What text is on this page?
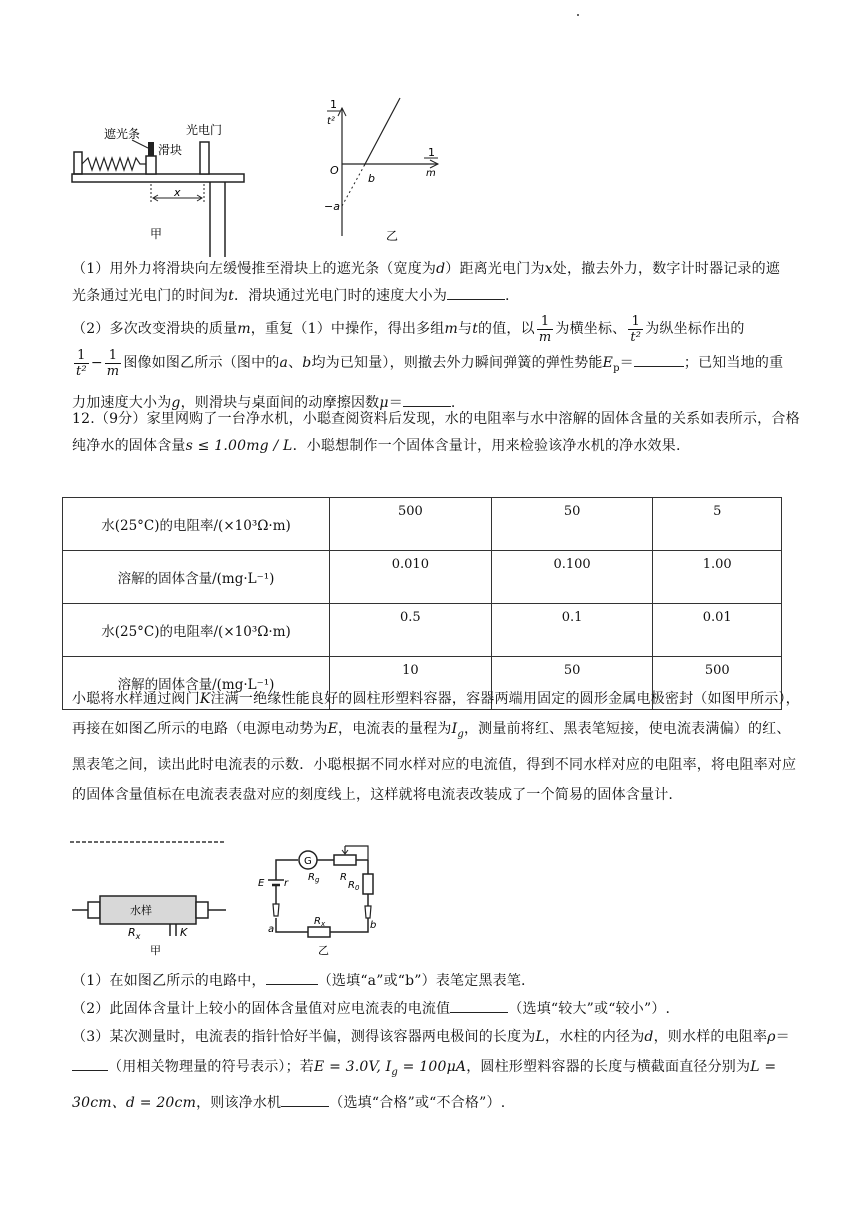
x
遮光条
滑块
光电门
甲
1
t²
1
m
O
b
−a
乙
（1）用外力将滑块向左缓慢推至滑块上的遮光条（宽度为d）距离光电门为x处，撤去外力，数字计时器记录的遮光条通过光电门的时间为t．滑块通过光电门时的速度大小为	.
（2）多次改变滑块的质量m，重复（1）中操作，得出多组m与t的值，以 $\frac{1}{m}$ 为横坐标、 $\frac{1}{\text{t²}}$ 为纵坐标作出的

$\frac{1}{\text{t²}} - \frac{1}{m}$ 图像如图乙所示（图中的a、b均为已知量），则撤去外力瞬间弹簧的弹性势能$E_p=$	；已知当地的重力加速度大小为g，则滑块与桌面间的动摩擦因数μ＝	.
12.（9分）家里网购了一台净水机，小聪查阅资料后发现，水的电阻率与水中溶解的固体含量的关系如表所示，合格纯净水的固体含量s ≤ 1.00mg / L．小聪想制作一个固体含量计，用来检验该净水机的净水效果.
水(25°C)的电阻率/(×10³Ω·m)	500	50	5
溶解的固体含量/(mg·L⁻¹)	0.010	0.100	1.00
水(25°C)的电阻率/(×10³Ω·m)	0.5	0.1	0.01
溶解的固体含量/(mg·L⁻¹)	10	50	500
小聪将水样通过阀门K注满一绝缘性能良好的圆柱形塑料容器，容器两端用固定的圆形金属电极密封（如图甲所示），再接在如图乙所示的电路（电源电动势为E，电流表的量程为$I_g$，测量前将红、黑表笔短接，使电流表满偏）的红、黑表笔之间，读出此时电流表的示数．小聪根据不同水样对应的电流值，得到不同水样对应的电阻率，将电阻率对应的固体含量值标在电流表表盘对应的刻度线上，这样就将电流表改装成了一个简易的固体含量计.
水样
K
$R_x$
甲
G
$R_g$ R
$R_0$
E r
a	b
$R_x$
乙
（1）在如图乙所示的电路中，	（选填“a”或“b”）表笔定黑表笔.
（2）此固体含量计上较小的固体含量值对应电流表的电流值	（选填“较大”或“较小”）.
（3）某次测量时，电流表的指针恰好半偏，测得该容器两电极间的长度为L，水柱的内径为d，则水样的电阻率ρ＝（用相关物理量的符号表示）；若E = 3.0V, $I_g = 100\mu A$，圆柱形塑料容器的长度与横截面直径分别为L = 30cm、d = 20cm，则该净水机	（选填“合格”或“不合格”）.
